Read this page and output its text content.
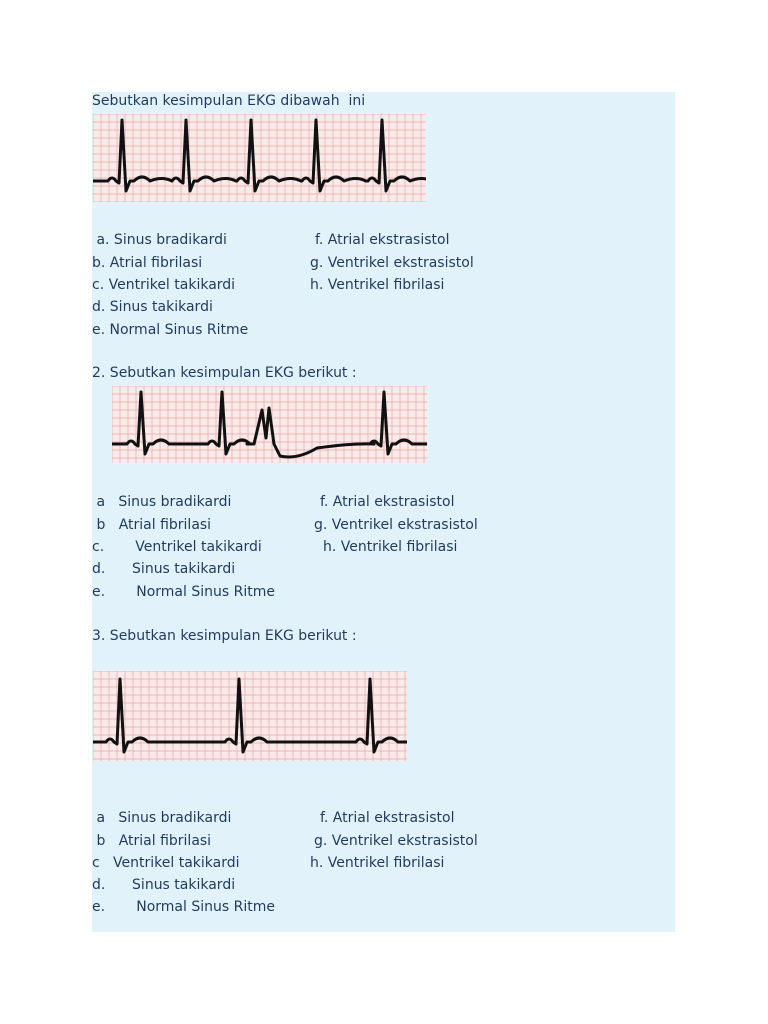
Sebutkan kesimpulan EKG dibawah  ini
a. Sinus bradikardi
b. Atrial fibrilasi
c. Ventrikel takikardi
d. Sinus takikardi
e. Normal Sinus Ritme
f. Atrial ekstrasistol
g. Ventrikel ekstrasistol
h. Ventrikel fibrilasi
2. Sebutkan kesimpulan EKG berikut :
a   Sinus bradikardi
b   Atrial fibrilasi
c.       Ventrikel takikardi
d.      Sinus takikardi
e.       Normal Sinus Ritme
f. Atrial ekstrasistol
g. Ventrikel ekstrasistol
h. Ventrikel fibrilasi
3. Sebutkan kesimpulan EKG berikut :
a   Sinus bradikardi
b   Atrial fibrilasi
c   Ventrikel takikardi
d.      Sinus takikardi
e.       Normal Sinus Ritme
f. Atrial ekstrasistol
g. Ventrikel ekstrasistol
h. Ventrikel fibrilasi
